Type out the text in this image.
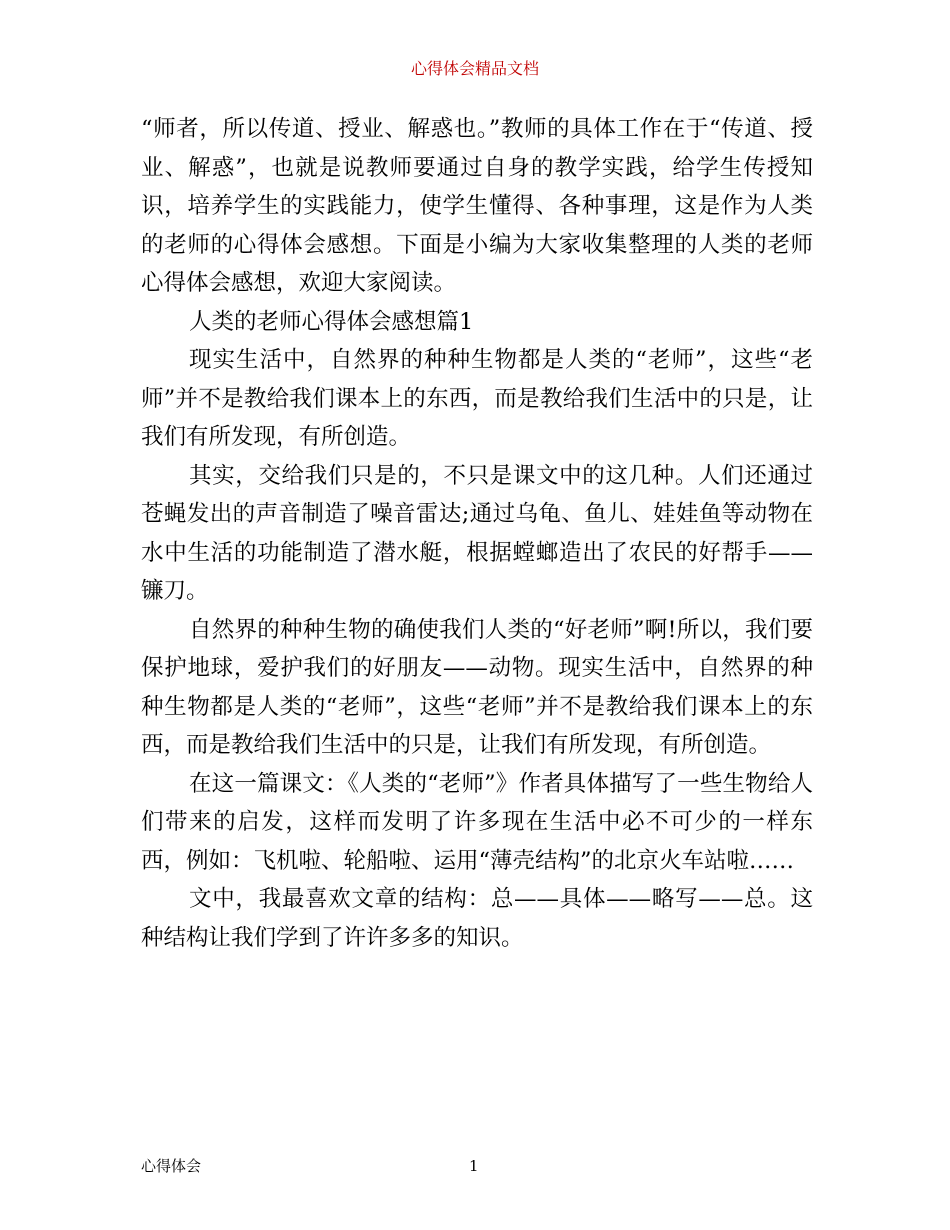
心得体会精品文档

“师者，所以传道、授业、解惑也。”教师的具体工作在于“传道、授业、解惑”，也就是说教师要通过自身的教学实践，给学生传授知识，培养学生的实践能力，使学生懂得、各种事理，这是作为人类的老师的心得体会感想。下面是小编为大家收集整理的人类的老师心得体会感想，欢迎大家阅读。

人类的老师心得体会感想篇1

现实生活中，自然界的种种生物都是人类的“老师”，这些“老师”并不是教给我们课本上的东西，而是教给我们生活中的只是，让我们有所发现，有所创造。

其实，交给我们只是的，不只是课文中的这几种。人们还通过苍蝇发出的声音制造了噪音雷达;通过乌龟、鱼儿、娃娃鱼等动物在水中生活的功能制造了潜水艇，根据螳螂造出了农民的好帮手——镰刀。

自然界的种种生物的确使我们人类的“好老师”啊!所以，我们要保护地球，爱护我们的好朋友——动物。现实生活中，自然界的种种生物都是人类的“老师”，这些“老师”并不是教给我们课本上的东西，而是教给我们生活中的只是，让我们有所发现，有所创造。

在这一篇课文：《人类的“老师”》作者具体描写了一些生物给人们带来的启发，这样而发明了许多现在生活中必不可少的一样东西，例如：飞机啦、轮船啦、运用“薄壳结构”的北京火车站啦……

文中，我最喜欢文章的结构：总——具体——略写——总。这种结构让我们学到了许许多多的知识。

心得体会	1
